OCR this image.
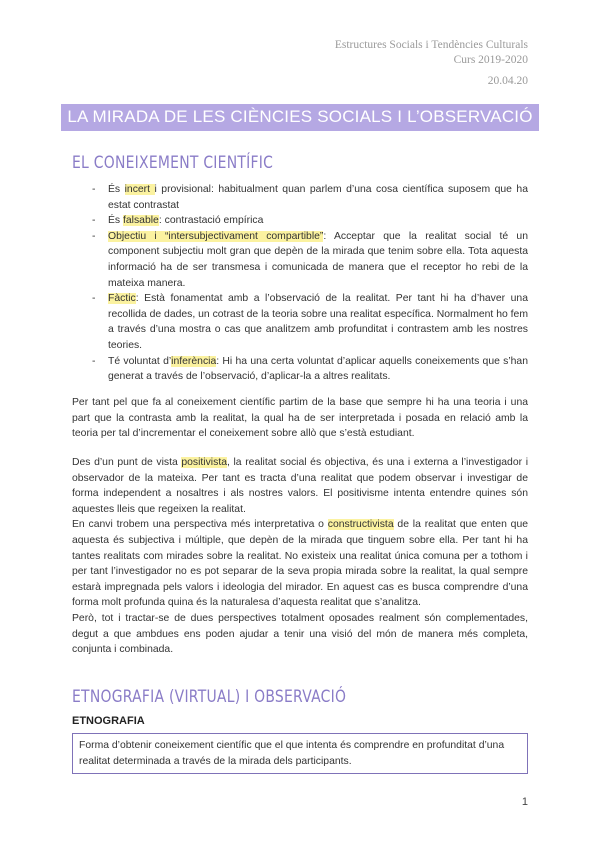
Estructures Socials i Tendències Culturals
Curs 2019-2020
20.04.20
LA MIRADA DE LES CIÈNCIES SOCIALS I L’OBSERVACIÓ
EL CONEIXEMENT CIENTÍFIC
- És incert i provisional: habitualment quan parlem d’una cosa científica suposem que ha estat contrastat
- És falsable: contrastació empírica
- Objectiu i “intersubjectivament compartible”: Acceptar que la realitat social té un component subjectiu molt gran que depèn de la mirada que tenim sobre ella. Tota aquesta informació ha de ser transmesa i comunicada de manera que el receptor ho rebi de la mateixa manera.
- Fàctic: Està fonamentat amb a l’observació de la realitat. Per tant hi ha d’haver una recollida de dades, un cotrast de la teoria sobre una realitat específica. Normalment ho fem a través d’una mostra o cas que analitzem amb profunditat i contrastem amb les nostres teories.
- Té voluntat d’inferència: Hi ha una certa voluntat d’aplicar aquells coneixements que s’han generat a través de l’observació, d’aplicar-la a altres realitats.

Per tant pel que fa al coneixement científic partim de la base que sempre hi ha una teoria i una part que la contrasta amb la realitat, la qual ha de ser interpretada i posada en relació amb la teoria per tal d’incrementar el coneixement sobre allò que s’està estudiant.

Des d’un punt de vista positivista, la realitat social és objectiva, és una i externa a l’investigador i observador de la mateixa. Per tant es tracta d’una realitat que podem observar i investigar de forma independent a nosaltres i als nostres valors. El positivisme intenta entendre quines són aquestes lleis que regeixen la realitat.

En canvi trobem una perspectiva més interpretativa o constructivista de la realitat que enten que aquesta és subjectiva i múltiple, que depèn de la mirada que tinguem sobre ella. Per tant hi ha tantes realitats com mirades sobre la realitat. No existeix una realitat única comuna per a tothom i per tant l’investigador no es pot separar de la seva propia mirada sobre la realitat, la qual sempre estarà impregnada pels valors i ideologia del mirador. En aquest cas es busca comprendre d’una forma molt profunda quina és la naturalesa d’aquesta realitat que s’analitza.

Però, tot i tractar-se de dues perspectives totalment oposades realment són complementades, degut a que ambdues ens poden ajudar a tenir una visió del món de manera més completa, conjunta i combinada.

ETNOGRAFIA (VIRTUAL) I OBSERVACIÓ
ETNOGRAFIA
Forma d’obtenir coneixement científic que el que intenta és comprendre en profunditat d’una realitat determinada a través de la mirada dels participants.
1
